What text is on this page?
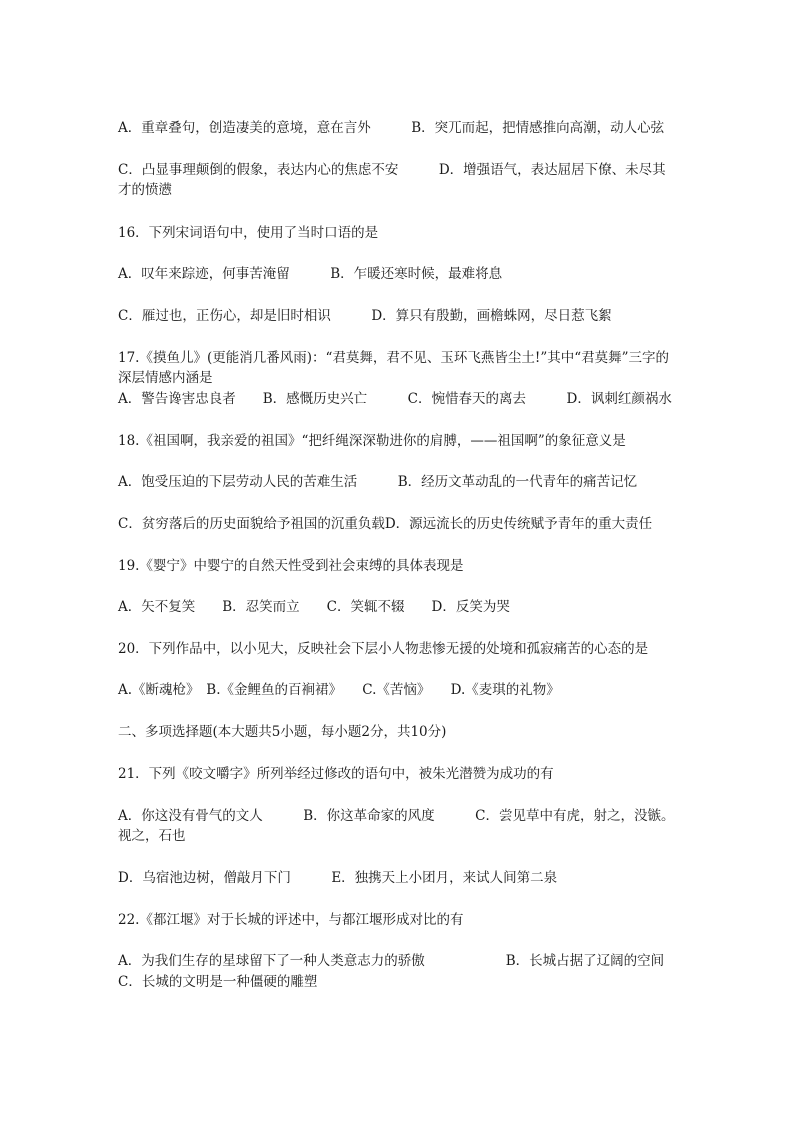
A．重章叠句，创造凄美的意境，意在言外　　　B．突兀而起，把情感推向高潮，动人心弦
C．凸显事理颠倒的假象，表达内心的焦虑不安　　　D．增强语气，表达屈居下僚、未尽其才的愤懑
16．下列宋词语句中，使用了当时口语的是
A．叹年来踪迹，何事苦淹留　　　B．乍暖还寒时候，最难将息
C．雁过也，正伤心，却是旧时相识　　　D．算只有殷勤，画檐蛛网，尽日惹飞絮
17.《摸鱼儿》(更能消几番风雨)：“君莫舞，君不见、玉环飞燕皆尘土!”其中“君莫舞”三字的深层情感内涵是
A．警告谗害忠良者　　B．感慨历史兴亡　　　C．惋惜春天的离去　　　D．讽刺红颜祸水
18.《祖国啊，我亲爱的祖国》“把纤绳深深勒进你的肩膊，——祖国啊”的象征意义是
A．饱受压迫的下层劳动人民的苦难生活　　　B．经历文革动乱的一代青年的痛苦记忆
C．贫穷落后的历史面貌给予祖国的沉重负载D．源远流长的历史传统赋予青年的重大责任
19.《婴宁》中婴宁的自然天性受到社会束缚的具体表现是
A．矢不复笑　　B．忍笑而立　　C．笑辄不辍　　D．反笑为哭
20．下列作品中，以小见大，反映社会下层小人物悲惨无援的处境和孤寂痛苦的心态的是
A.《断魂枪》　B.《金鲤鱼的百裥裙》　　C.《苦恼》　　D.《麦琪的礼物》
二、多项选择题(本大题共5小题，每小题2分，共10分)
21．下列《咬文嚼字》所列举经过修改的语句中，被朱光潜赞为成功的有
A．你这没有骨气的文人　　　B．你这革命家的风度　　　C．尝见草中有虎，射之，没镞。视之，石也
D．乌宿池边树，僧敲月下门　　　E．独携天上小团月，来试人间第二泉
22.《都江堰》对于长城的评述中，与都江堰形成对比的有
A．为我们生存的星球留下了一种人类意志力的骄傲　　　　　　B．长城占据了辽阔的空间
C．长城的文明是一种僵硬的雕塑
